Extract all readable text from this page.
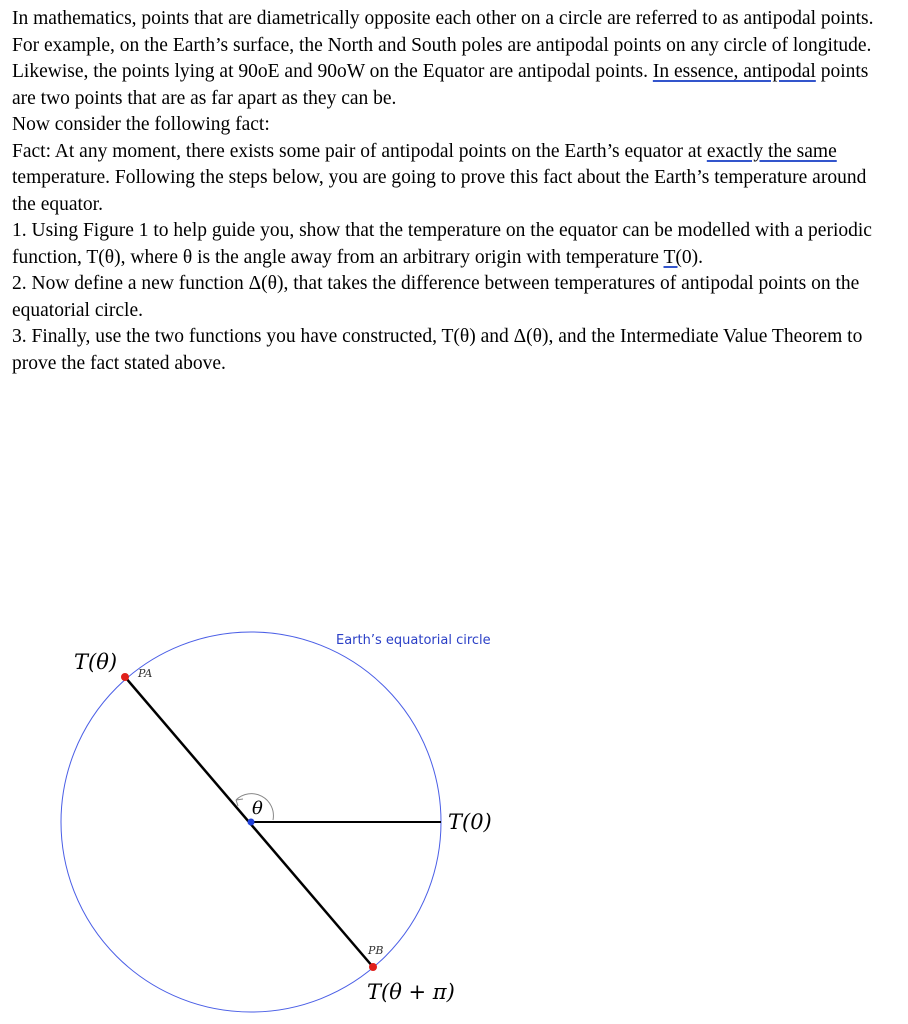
In mathematics, points that are diametrically opposite each other on a circle are referred to as antipodal points. For example, on the Earth’s surface, the North and South poles are antipodal points on any circle of longitude. Likewise, the points lying at 90oE and 90oW on the Equator are antipodal points. In essence, antipodal points are two points that are as far apart as they can be.

Now consider the following fact:

Fact: At any moment, there exists some pair of antipodal points on the Earth’s equator at exactly the same temperature. Following the steps below, you are going to prove this fact about the Earth’s temperature around the equator.

1. Using Figure 1 to help guide you, show that the temperature on the equator can be modelled with a periodic function, T(θ), where θ is the angle away from an arbitrary origin with temperature T(0).

2. Now define a new function Δ(θ), that takes the difference between temperatures of antipodal points on the equatorial circle.

3. Finally, use the two functions you have constructed, T(θ) and Δ(θ), and the Intermediate Value Theorem to prove the fact stated above.

Earth’s equatorial circle
T(θ) PA
θ
T(0)
PB
T(θ + π)
